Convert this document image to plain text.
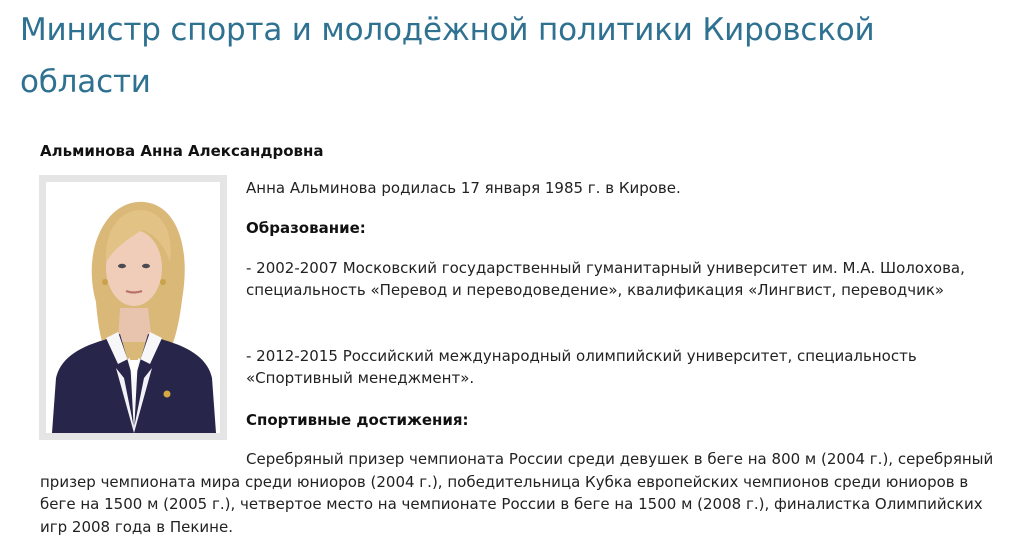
Министр спорта и молодёжной политики Кировской области
Альминова Анна Александровна

Анна Альминова родилась 17 января 1985 г. в Кирове.

Образование:

- 2002-2007 Московский государственный гуманитарный университет им. М.А. Шолохова, специальность «Перевод и переводоведение», квалификация «Лингвист, переводчик»

- 2012-2015 Российский международный олимпийский университет, специальность «Спортивный менеджмент».

Спортивные достижения:

Серебряный призер чемпионата России среди девушек в беге на 800 м (2004 г.), серебряный призер чемпионата мира среди юниоров (2004 г.), победительница Кубка европейских чемпионов среди юниоров в беге на 1500 м (2005 г.), четвертое место на чемпионате России в беге на 1500 м (2008 г.), финалистка Олимпийских игр 2008 года в Пекине.
